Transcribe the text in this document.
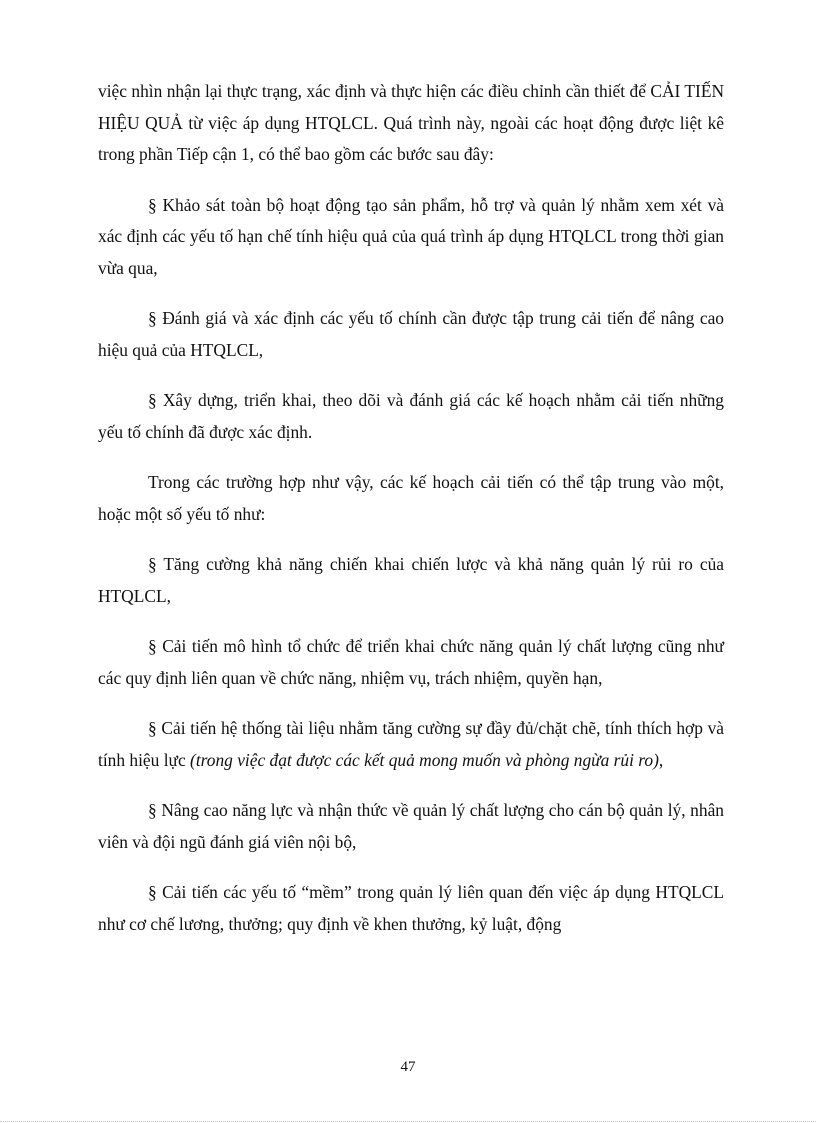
việc nhìn nhận lại thực trạng, xác định và thực hiện các điều chỉnh cần thiết để CẢI TIẾN HIỆU QUẢ từ việc áp dụng HTQLCL. Quá trình này, ngoài các hoạt động được liệt kê trong phần Tiếp cận 1, có thể bao gồm các bước sau đây:

§ Khảo sát toàn bộ hoạt động tạo sản phẩm, hỗ trợ và quản lý nhằm xem xét và xác định các yếu tố hạn chế tính hiệu quả của quá trình áp dụng HTQLCL trong thời gian vừa qua,

§ Đánh giá và xác định các yếu tố chính cần được tập trung cải tiến để nâng cao hiệu quả của HTQLCL,

§ Xây dựng, triển khai, theo dõi và đánh giá các kế hoạch nhằm cải tiến những yếu tố chính đã được xác định.

Trong các trường hợp như vậy, các kế hoạch cải tiến có thể tập trung vào một, hoặc một số yếu tố như:

§ Tăng cường khả năng chiến khai chiến lược và khả năng quản lý rủi ro của HTQLCL,

§ Cải tiến mô hình tổ chức để triển khai chức năng quản lý chất lượng cũng như các quy định liên quan về chức năng, nhiệm vụ, trách nhiệm, quyền hạn,

§ Cải tiến hệ thống tài liệu nhằm tăng cường sự đầy đủ/chặt chẽ, tính thích hợp và tính hiệu lực (trong việc đạt được các kết quả mong muốn và phòng ngừa rủi ro),

§ Nâng cao năng lực và nhận thức về quản lý chất lượng cho cán bộ quản lý, nhân viên và đội ngũ đánh giá viên nội bộ,

§ Cải tiến các yếu tố “mềm” trong quản lý liên quan đến việc áp dụng HTQLCL như cơ chế lương, thưởng; quy định về khen thưởng, kỷ luật, động

47
